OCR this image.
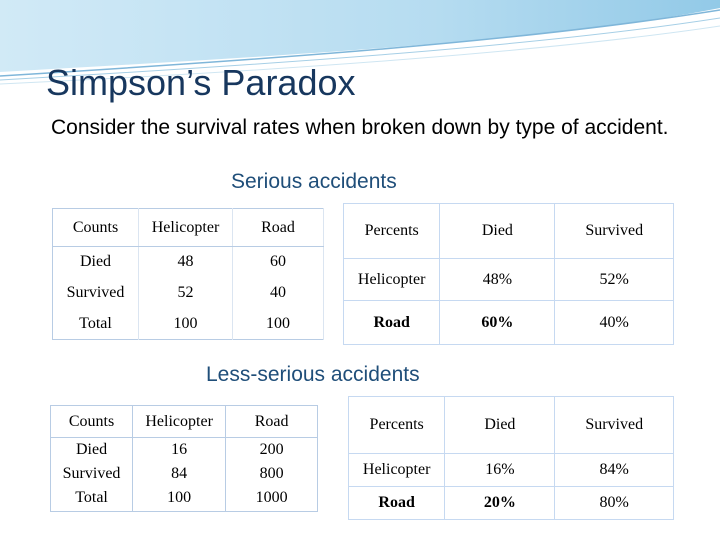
Simpson’s Paradox
Consider the survival rates when broken down by type of accident.
Serious accidents
Counts	Helicopter	Road
Died	48	60
Survived	52	40
Total	100	100
Percents	Died	Survived
Helicopter	48%	52%
Road	60%	40%
Less-serious accidents
Counts	Helicopter	Road
Died	16	200
Survived	84	800
Total	100	1000
Percents	Died	Survived
Helicopter	16%	84%
Road	20%	80%
